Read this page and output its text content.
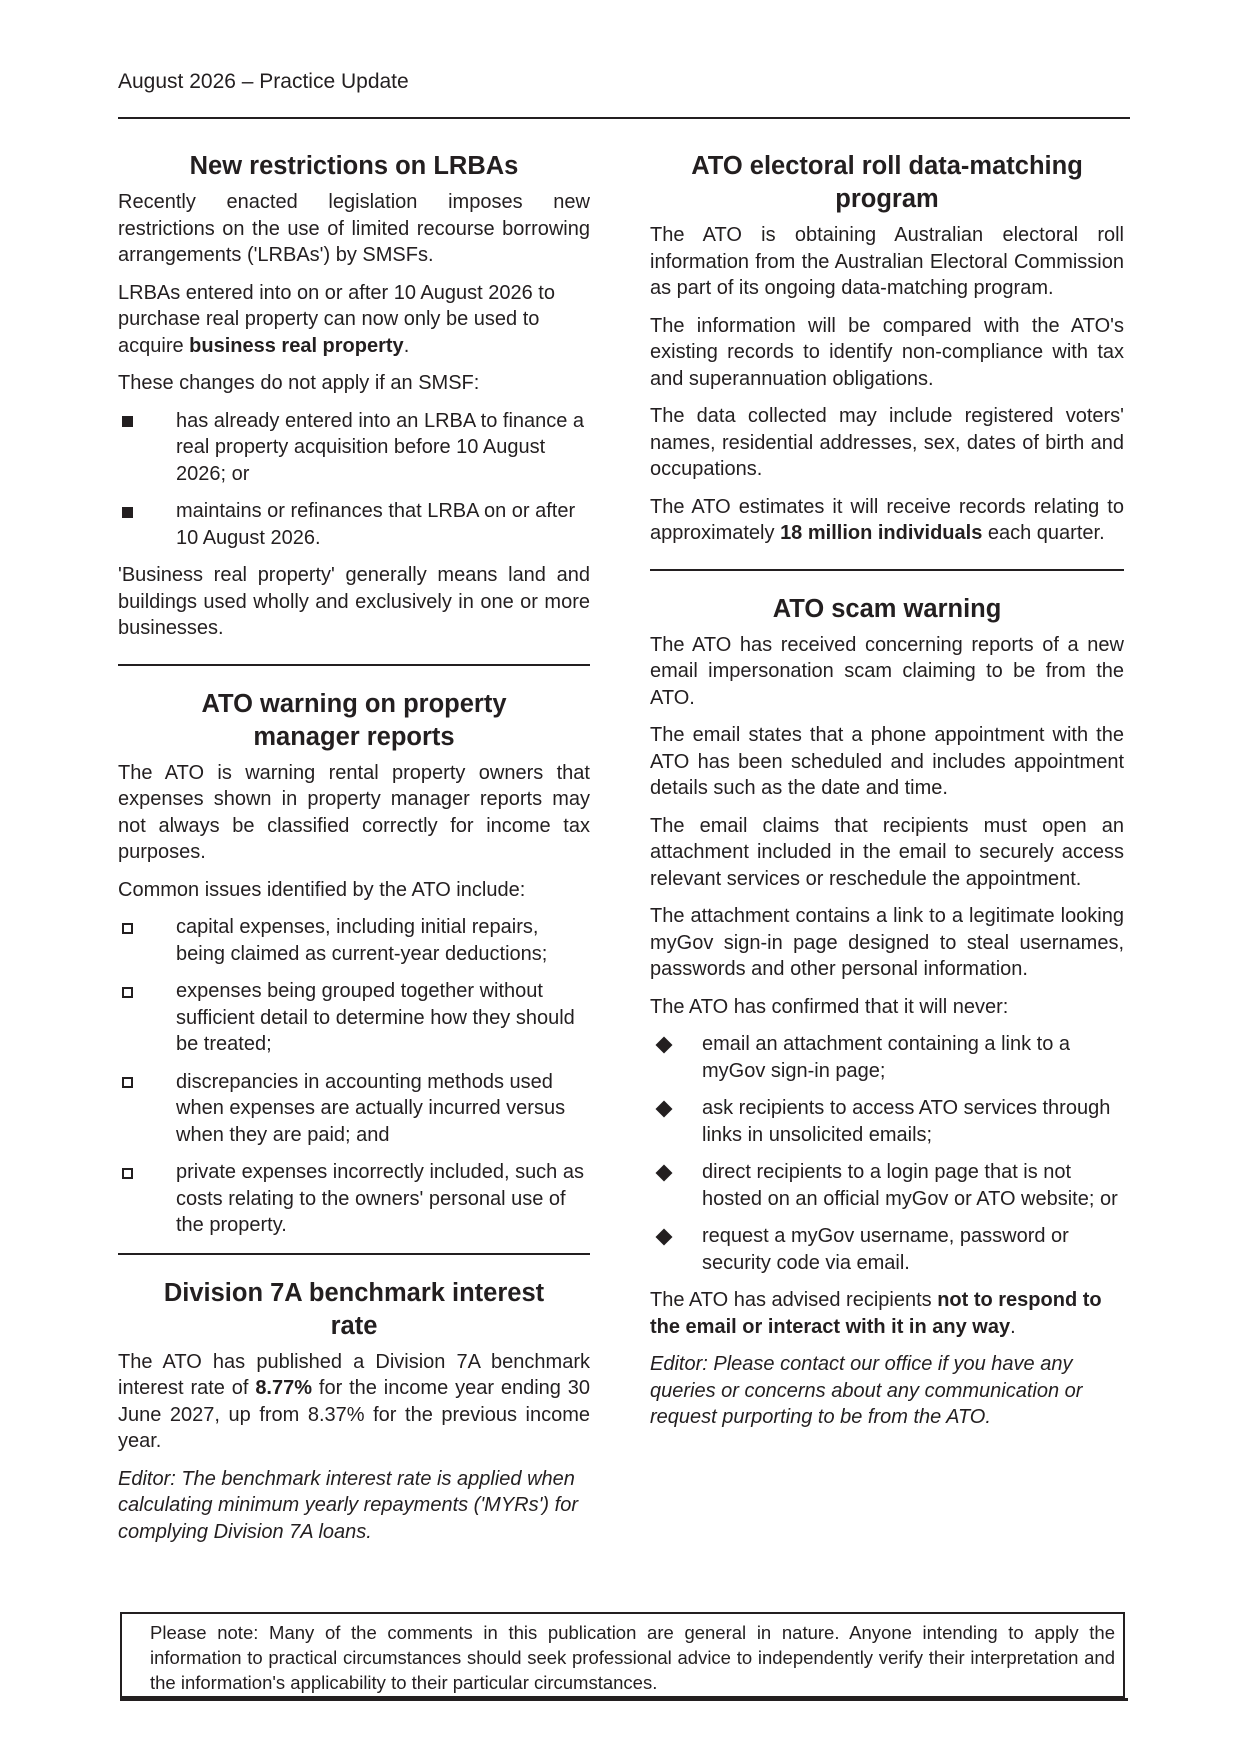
August 2026 – Practice Update
New restrictions on LRBAs

Recently enacted legislation imposes new restrictions on the use of limited recourse borrowing arrangements ('LRBAs') by SMSFs.

LRBAs entered into on or after 10 August 2026 to purchase real property can now only be used to acquire business real property.

These changes do not apply if an SMSF:

has already entered into an LRBA to finance a real property acquisition before 10 August 2026; or
maintains or refinances that LRBA on or after 10 August 2026.

'Business real property' generally means land and buildings used wholly and exclusively in one or more businesses.

ATO warning on property
manager reports

The ATO is warning rental property owners that expenses shown in property manager reports may not always be classified correctly for income tax purposes.

Common issues identified by the ATO include:

capital expenses, including initial repairs, being claimed as current-year deductions;
expenses being grouped together without sufficient detail to determine how they should be treated;
discrepancies in accounting methods used when expenses are actually incurred versus when they are paid; and
private expenses incorrectly included, such as costs relating to the owners' personal use of the property.
Division 7A benchmark interest
rate

The ATO has published a Division 7A benchmark interest rate of 8.77% for the income year ending 30 June 2027, up from 8.37% for the previous income year.

Editor: The benchmark interest rate is applied when calculating minimum yearly repayments ('MYRs') for complying Division 7A loans.

ATO electoral roll data-matching
program

The ATO is obtaining Australian electoral roll information from the Australian Electoral Commission as part of its ongoing data-matching program.

The information will be compared with the ATO's existing records to identify non-compliance with tax and superannuation obligations.

The data collected may include registered voters' names, residential addresses, sex, dates of birth and occupations.

The ATO estimates it will receive records relating to approximately 18 million individuals each quarter.

ATO scam warning

The ATO has received concerning reports of a new email impersonation scam claiming to be from the ATO.

The email states that a phone appointment with the ATO has been scheduled and includes appointment details such as the date and time.

The email claims that recipients must open an attachment included in the email to securely access relevant services or reschedule the appointment.

The attachment contains a link to a legitimate looking myGov sign-in page designed to steal usernames, passwords and other personal information.

The ATO has confirmed that it will never:

email an attachment containing a link to a myGov sign-in page;
ask recipients to access ATO services through links in unsolicited emails;
direct recipients to a login page that is not hosted on an official myGov or ATO website; or
request a myGov username, password or security code via email.

The ATO has advised recipients not to respond to the email or interact with it in any way.

Editor: Please contact our office if you have any queries or concerns about any communication or request purporting to be from the ATO.

Please note: Many of the comments in this publication are general in nature. Anyone intending to apply the information to practical circumstances should seek professional advice to independently verify their interpretation and the information's applicability to their particular circumstances.
